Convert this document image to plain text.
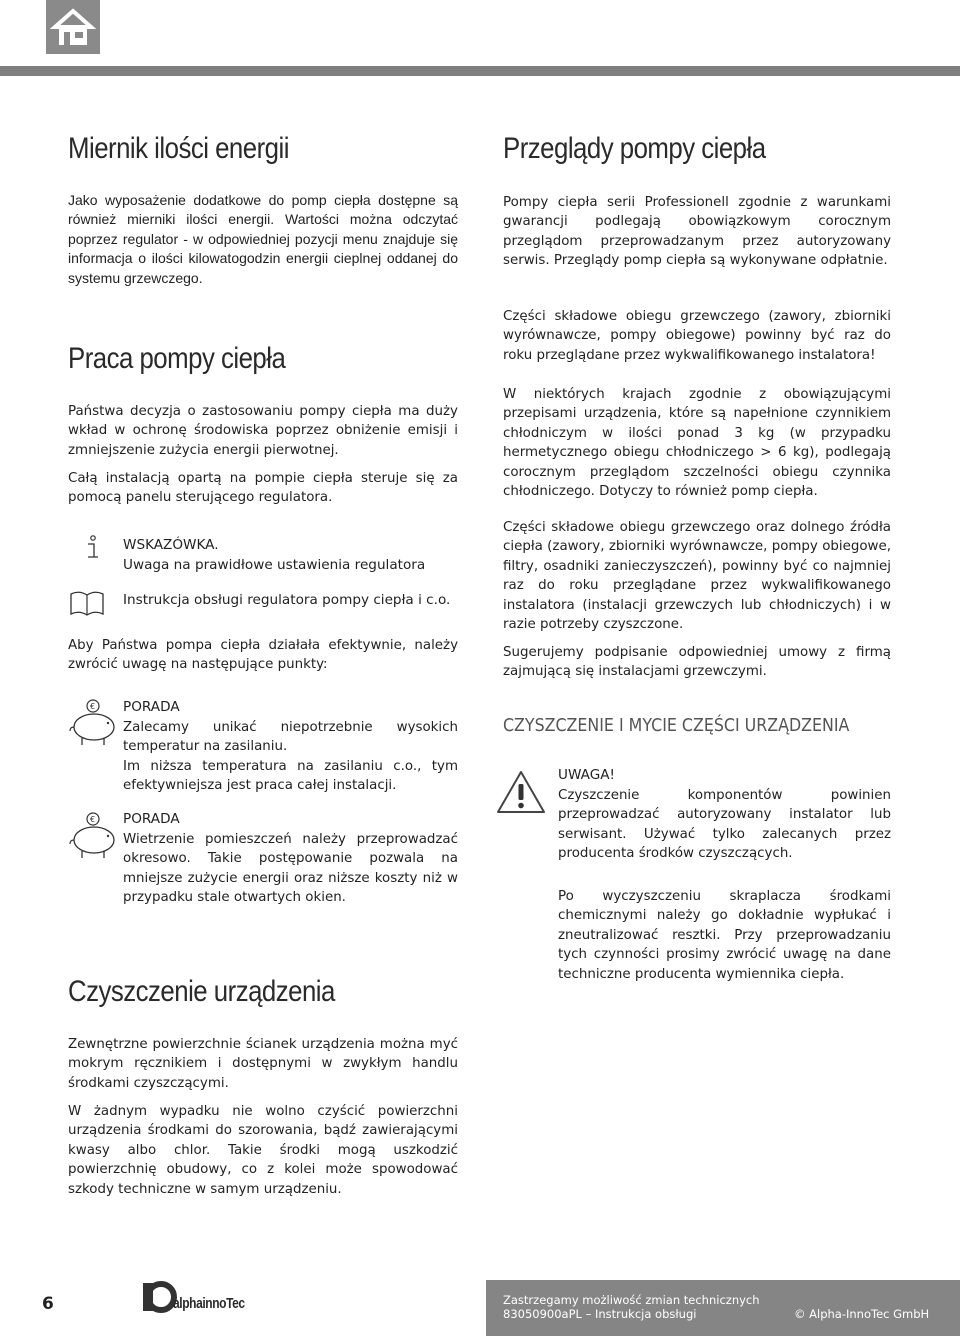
Miernik ilości energii

Jako wyposażenie dodatkowe do pomp ciepła dostępne są również mierniki ilości energii. Wartości można odczytać poprzez regulator - w odpowiedniej pozycji menu znajduje się informacja o ilości kilowatogodzin energii cieplnej oddanej do systemu grzewczego.

Praca pompy ciepła

Państwa decyzja o zastosowaniu pompy ciepła ma duży wkład w ochronę środowiska poprzez obniżenie emisji i zmniejszenie zużycia energii pierwotnej.

Całą instalacją opartą na pompie ciepła steruje się za pomocą panelu sterującego regulatora.

WSKAZÓWKA.
Uwaga na prawidłowe ustawienia regulatora
Instrukcja obsługi regulatora pompy ciepła i c.o.

Aby Państwa pompa ciepła działała efektywnie, należy zwrócić uwagę na następujące punkty:

€ PORADA

Zalecamy unikać niepotrzebnie wysokich temperatur na zasilaniu.

Im niższa temperatura na zasilaniu c.o., tym efektywniejsza jest praca całej instalacji.

€ PORADA

Wietrzenie pomieszczeń należy przeprowadzać okresowo. Takie postępowanie pozwala na mniejsze zużycie energii oraz niższe koszty niż w przypadku stale otwartych okien.

Czyszczenie urządzenia

Zewnętrzne powierzchnie ścianek urządzenia można myć mokrym ręcznikiem i dostępnymi w zwykłym handlu środkami czyszczącymi.

W żadnym wypadku nie wolno czyścić powierzchni urządzenia środkami do szorowania, bądź zawierającymi kwasy albo chlor. Takie środki mogą uszkodzić powierzchnię obudowy, co z kolei może spowodować szkody techniczne w samym urządzeniu.

Przeglądy pompy ciepła

Pompy ciepła serii Professionell zgodnie z warunkami gwarancji podlegają obowiązkowym corocznym przeglądom przeprowadzanym przez autoryzowany serwis. Przeglądy pomp ciepła są wykonywane odpłatnie.

Części składowe obiegu grzewczego (zawory, zbiorniki wyrównawcze, pompy obiegowe) powinny być raz do roku przeglądane przez wykwalifikowanego instalatora!

W niektórych krajach zgodnie z obowiązującymi przepisami urządzenia, które są napełnione czynnikiem chłodniczym w ilości ponad 3 kg (w przypadku hermetycznego obiegu chłodniczego > 6 kg), podlegają corocznym przeglądom szczelności obiegu czynnika chłodniczego. Dotyczy to również pomp ciepła.

Części składowe obiegu grzewczego oraz dolnego źródła ciepła (zawory, zbiorniki wyrównawcze, pompy obiegowe, filtry, osadniki zanieczyszczeń), powinny być co najmniej raz do roku przeglądane przez wykwalifikowanego instalatora (instalacji grzewczych lub chłodniczych) i w razie potrzeby czyszczone.

Sugerujemy podpisanie odpowiedniej umowy z firmą zajmującą się instalacjami grzewczymi.

CZYSZCZENIE I MYCIE CZĘŚCI URZĄDZENIA
UWAGA!

Czyszczenie komponentów powinien przeprowadzać autoryzowany instalator lub serwisant. Używać tylko zalecanych przez producenta środków czyszczących.

Po wyczyszczeniu skraplacza środkami chemicznymi należy go dokładnie wypłukać i zneutralizować resztki. Przy przeprowadzaniu tych czynności prosimy zwrócić uwagę na dane techniczne producenta wymiennika ciepła.

6	alphainnoTec	Zastrzegamy możliwość zmian technicznych
83050900aPL – Instrukcja obsługi	© Alpha-InnoTec GmbH
